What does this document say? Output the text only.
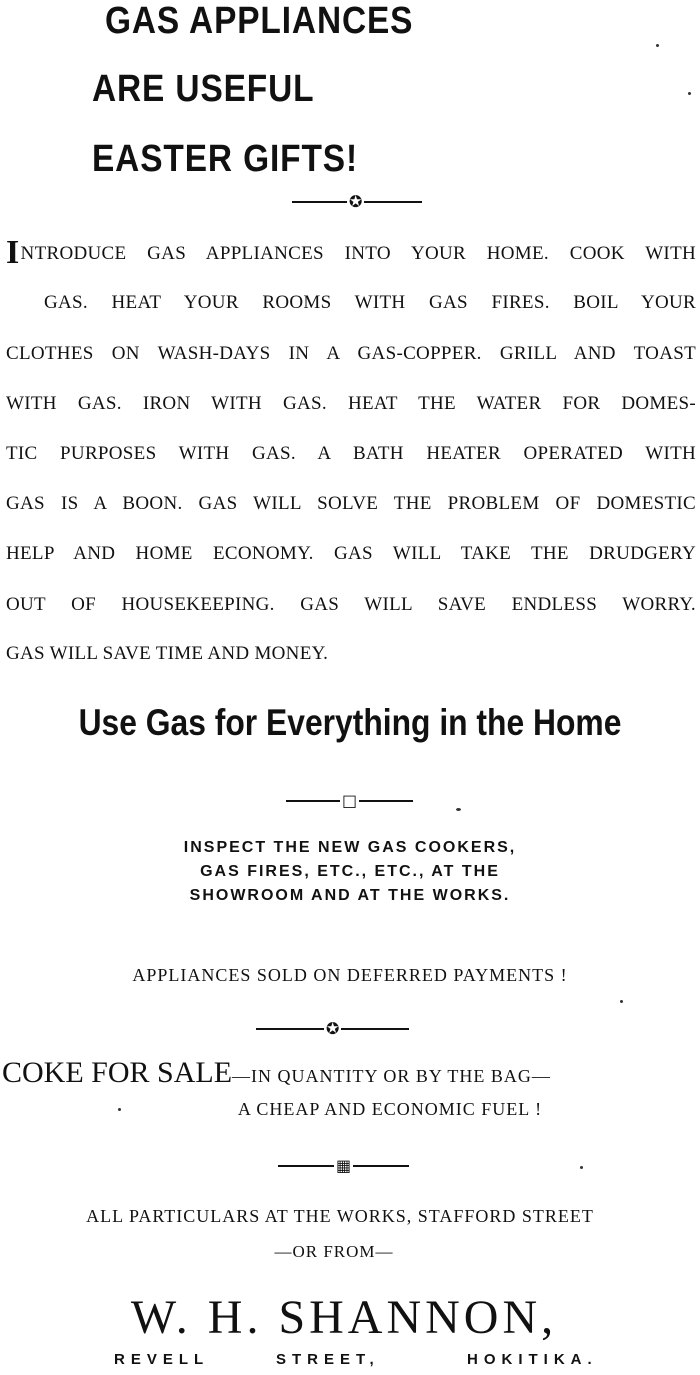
GAS APPLIANCES
ARE USEFUL
EASTER GIFTS!
✪
INTRODUCE GAS APPLIANCES INTO YOUR HOME. COOK WITH
GAS. HEAT YOUR ROOMS WITH GAS FIRES. BOIL YOUR
CLOTHES ON WASH-DAYS IN A GAS-COPPER. GRILL AND TOAST
WITH GAS. IRON WITH GAS. HEAT THE WATER FOR DOMES-
TIC PURPOSES WITH GAS. A BATH HEATER OPERATED WITH
GAS IS A BOON. GAS WILL SOLVE THE PROBLEM OF DOMESTIC
HELP AND HOME ECONOMY. GAS WILL TAKE THE DRUDGERY
OUT OF HOUSEKEEPING. GAS WILL SAVE ENDLESS WORRY.
GAS WILL SAVE TIME AND MONEY.
Use Gas for Everything in the Home
□
INSPECT THE NEW GAS COOKERS,
GAS FIRES, ETC., ETC., AT THE
SHOWROOM AND AT THE WORKS.
APPLIANCES SOLD ON DEFERRED PAYMENTS !
✪
COKE FOR SALE—IN QUANTITY OR BY THE BAG—
A CHEAP AND ECONOMIC FUEL !
▦
ALL PARTICULARS AT THE WORKS, STAFFORD STREET
—OR FROM—
W. H. SHANNON,
REVELL	STREET,	HOKITIKA.
